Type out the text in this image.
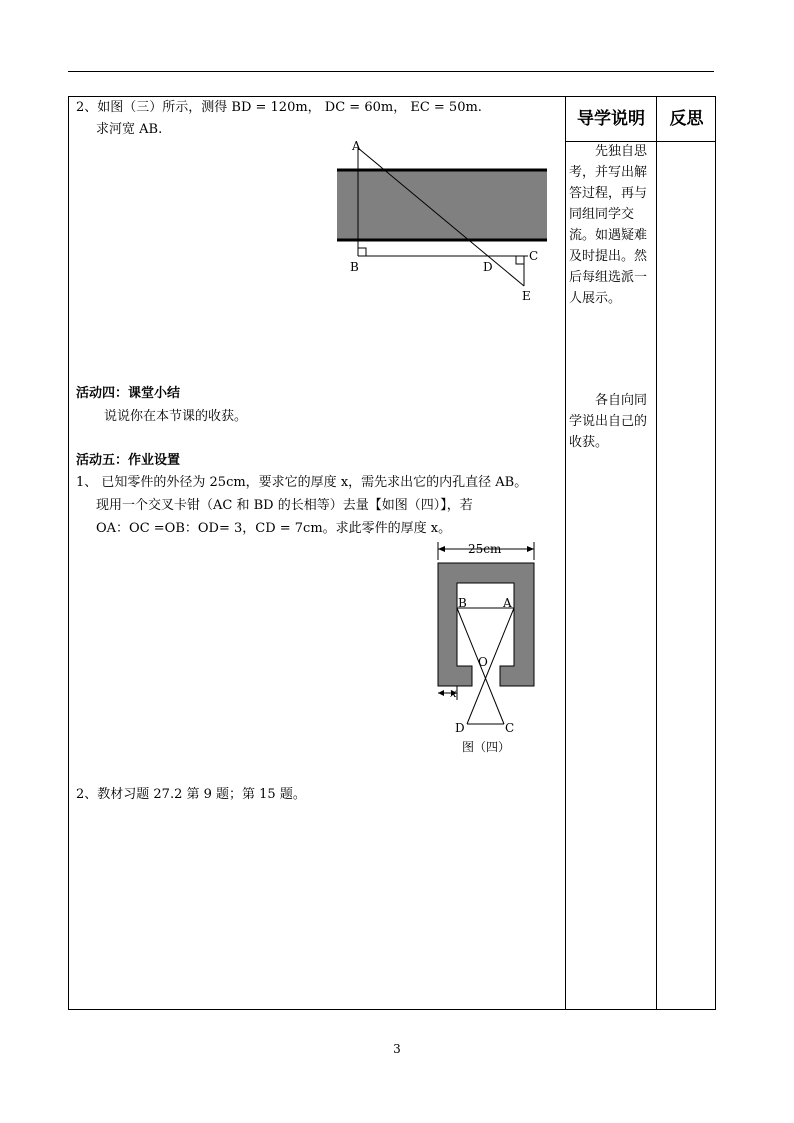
导学说明	反思
2、如图（三）所示，测得 BD = 120m， DC = 60m， EC = 50m.
求河宽 AB.
A
B
C
D
E
活动四：课堂小结
说说你在本节课的收获。
活动五：作业设置
1、 已知零件的外径为 25cm，要求它的厚度 x，需先求出它的内孔直径 AB。
现用一个交叉卡钳（AC 和 BD 的长相等）去量【如图（四）】，若
OA：OC =OB：OD= 3，CD = 7cm。求此零件的厚度 x。
25cm
x
B	A
O
D	C
图（四）
2、教材习题 27.2 第 9 题；第 15 题。
先独自思考，并写出解答过程，再与同组同学交流。如遇疑难及时提出。然后每组选派一人展示。
各自向同学说出自己的收获。
3
